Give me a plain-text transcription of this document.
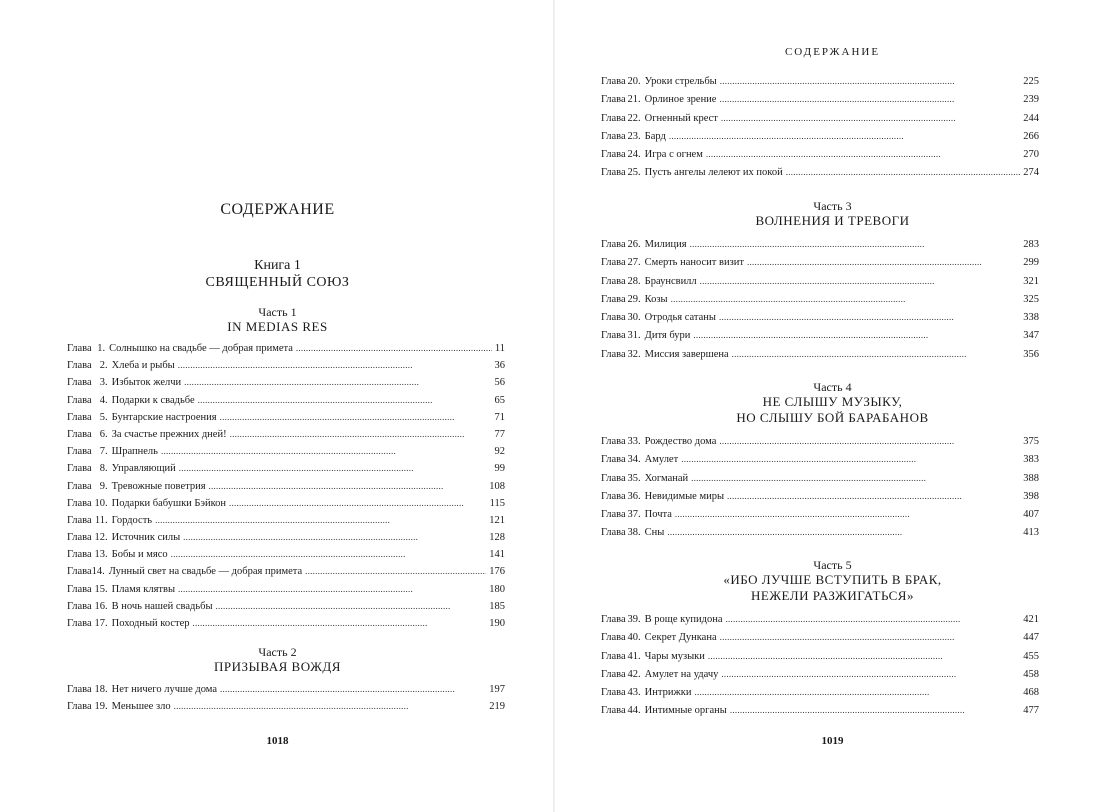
СОДЕРЖАНИЕ
Книга 1
СВЯЩЕННЫЙ СОЮЗ
Часть 1
IN MEDIAS RES
Глава 1. Солнышко на свадьбе — добрая примета . . .	11
Глава 2. Хлеба и рыбы . . .	36
Глава 3. Избыток желчи . . .	56
Глава 4. Подарки к свадьбе . . .	65
Глава 5. Бунтарские настроения . . .	71
Глава 6. За счастье прежних дней! . . .	77
Глава 7. Шрапнель . . .	92
Глава 8. Управляющий . . .	99
Глава 9. Тревожные поветрия . . .	108
Глава 10. Подарки бабушки Бэйкон . . .	115
Глава 11. Гордость . . .	121
Глава 12. Источник силы . . .	128
Глава 13. Бобы и мясо . . .	141
Глава 14. Лунный свет на свадьбе — добрая примета . . .	176
Глава 15. Пламя клятвы . . .	180
Глава 16. В ночь нашей свадьбы . . .	185
Глава 17. Походный костер . . .	190
Часть 2
ПРИЗЫВАЯ ВОЖДЯ
Глава 18. Нет ничего лучше дома . . .	197
Глава 19. Меньшее зло . . .	219
1018
СОДЕРЖАНИЕ
Глава 20. Уроки стрельбы . . .	225
Глава 21. Орлиное зрение . . .	239
Глава 22. Огненный крест . . .	244
Глава 23. Бард . . .	266
Глава 24. Игра с огнем . . .	270
Глава 25. Пусть ангелы лелеют их покой . . .	274
Часть 3
ВОЛНЕНИЯ И ТРЕВОГИ
Глава 26. Милиция . . .	283
Глава 27. Смерть наносит визит . . .	299
Глава 28. Браунсвилл . . .	321
Глава 29. Козы . . .	325
Глава 30. Отродья сатаны . . .	338
Глава 31. Дитя бури . . .	347
Глава 32. Миссия завершена . . .	356
Часть 4
НЕ СЛЫШУ МУЗЫКУ,
НО СЛЫШУ БОЙ БАРАБАНОВ
Глава 33. Рождество дома . . .	375
Глава 34. Амулет . . .	383
Глава 35. Хогманай . . .	388
Глава 36. Невидимые миры . . .	398
Глава 37. Почта . . .	407
Глава 38. Сны . . .	413
Часть 5
«ИБО ЛУЧШЕ ВСТУПИТЬ В БРАК,
НЕЖЕЛИ РАЗЖИГАТЬСЯ»
Глава 39. В роще купидона . . .	421
Глава 40. Секрет Дункана . . .	447
Глава 41. Чары музыки . . .	455
Глава 42. Амулет на удачу . . .	458
Глава 43. Интрижки . . .	468
Глава 44. Интимные органы . . .	477
1019
